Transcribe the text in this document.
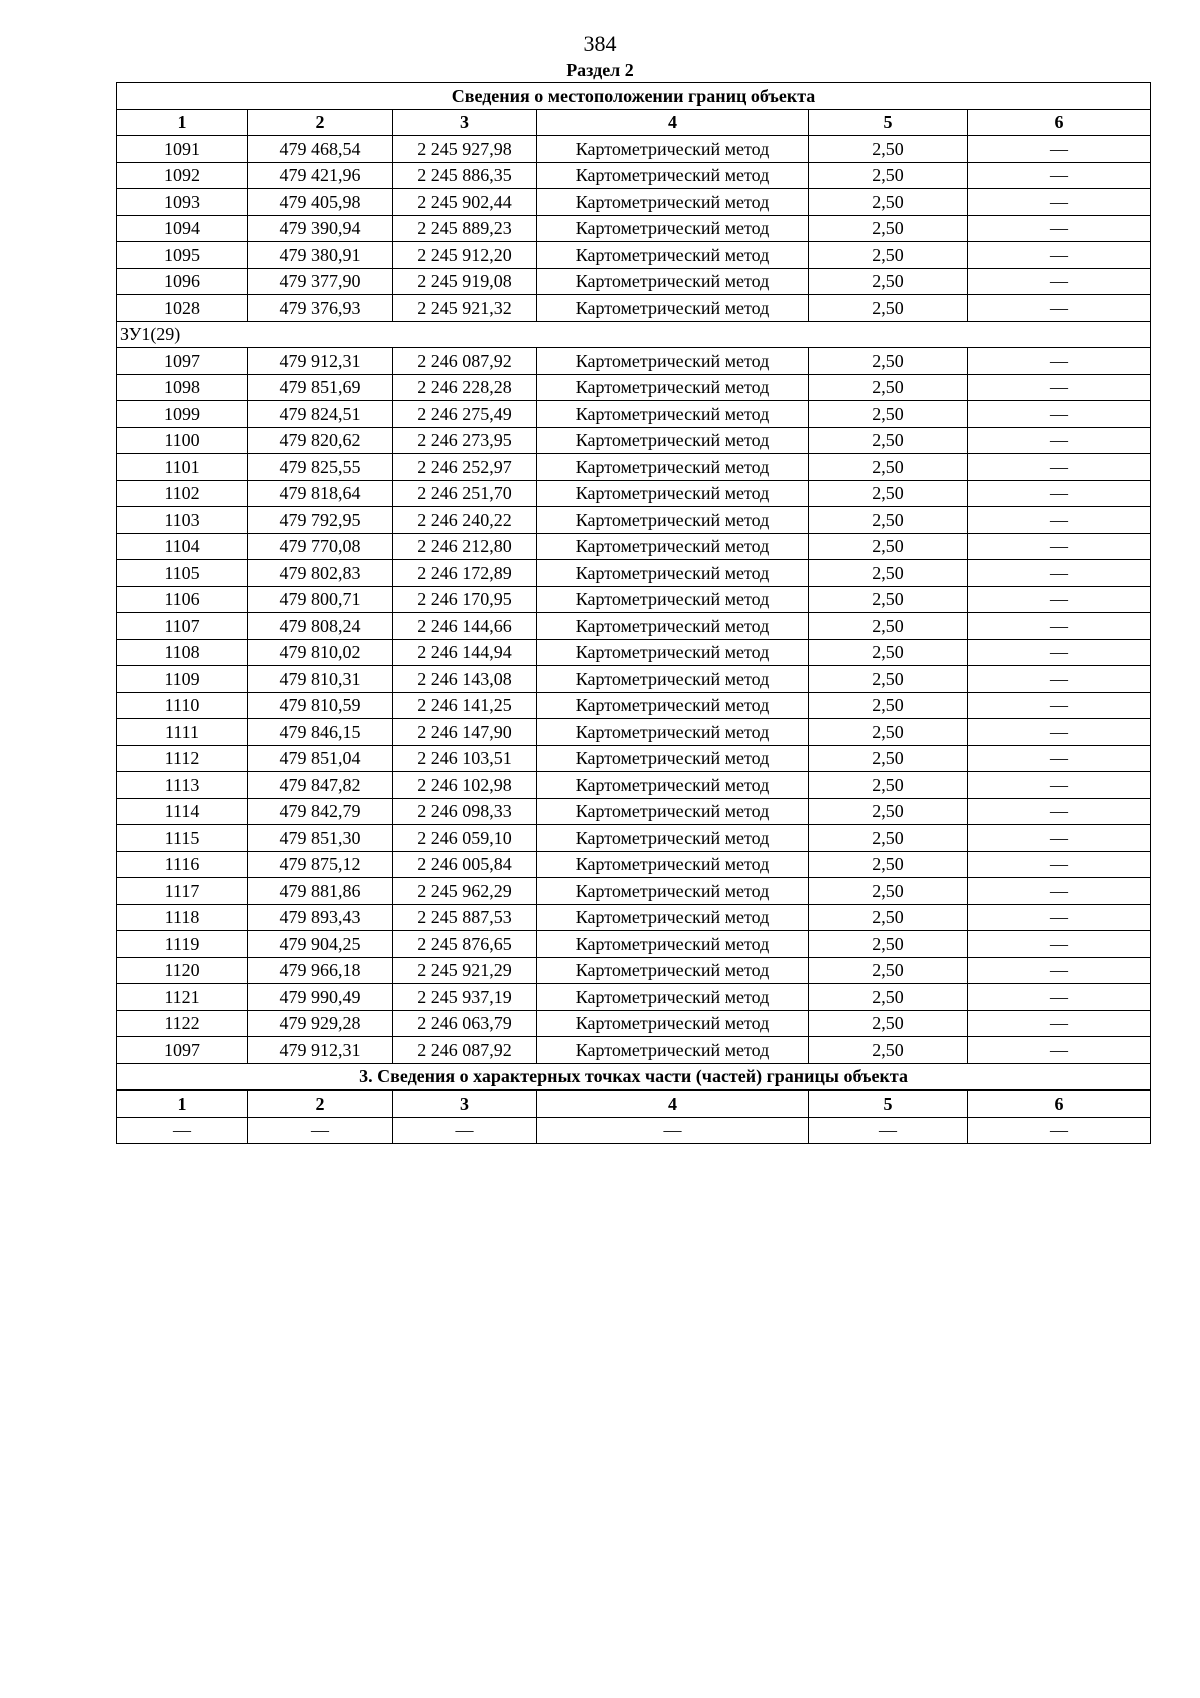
384
Раздел 2
Сведения о местоположении границ объекта					
1	2	3	4	5	6
1091	479 468,54	2 245 927,98	Картометрический метод	2,50	—
1092	479 421,96	2 245 886,35	Картометрический метод	2,50	—
1093	479 405,98	2 245 902,44	Картометрический метод	2,50	—
1094	479 390,94	2 245 889,23	Картометрический метод	2,50	—
1095	479 380,91	2 245 912,20	Картометрический метод	2,50	—
1096	479 377,90	2 245 919,08	Картометрический метод	2,50	—
1028	479 376,93	2 245 921,32	Картометрический метод	2,50	—
ЗУ1(29)					
1097	479 912,31	2 246 087,92	Картометрический метод	2,50	—
1098	479 851,69	2 246 228,28	Картометрический метод	2,50	—
1099	479 824,51	2 246 275,49	Картометрический метод	2,50	—
1100	479 820,62	2 246 273,95	Картометрический метод	2,50	—
1101	479 825,55	2 246 252,97	Картометрический метод	2,50	—
1102	479 818,64	2 246 251,70	Картометрический метод	2,50	—
1103	479 792,95	2 246 240,22	Картометрический метод	2,50	—
1104	479 770,08	2 246 212,80	Картометрический метод	2,50	—
1105	479 802,83	2 246 172,89	Картометрический метод	2,50	—
1106	479 800,71	2 246 170,95	Картометрический метод	2,50	—
1107	479 808,24	2 246 144,66	Картометрический метод	2,50	—
1108	479 810,02	2 246 144,94	Картометрический метод	2,50	—
1109	479 810,31	2 246 143,08	Картометрический метод	2,50	—
1110	479 810,59	2 246 141,25	Картометрический метод	2,50	—
1111	479 846,15	2 246 147,90	Картометрический метод	2,50	—
1112	479 851,04	2 246 103,51	Картометрический метод	2,50	—
1113	479 847,82	2 246 102,98	Картометрический метод	2,50	—
1114	479 842,79	2 246 098,33	Картометрический метод	2,50	—
1115	479 851,30	2 246 059,10	Картометрический метод	2,50	—
1116	479 875,12	2 246 005,84	Картометрический метод	2,50	—
1117	479 881,86	2 245 962,29	Картометрический метод	2,50	—
1118	479 893,43	2 245 887,53	Картометрический метод	2,50	—
1119	479 904,25	2 245 876,65	Картометрический метод	2,50	—
1120	479 966,18	2 245 921,29	Картометрический метод	2,50	—
1121	479 990,49	2 245 937,19	Картометрический метод	2,50	—
1122	479 929,28	2 246 063,79	Картометрический метод	2,50	—
1097	479 912,31	2 246 087,92	Картометрический метод	2,50	—
3. Сведения о характерных точках части (частей) границы объекта					
1	2	3	4	5	6
—	—	—	—	—	—
